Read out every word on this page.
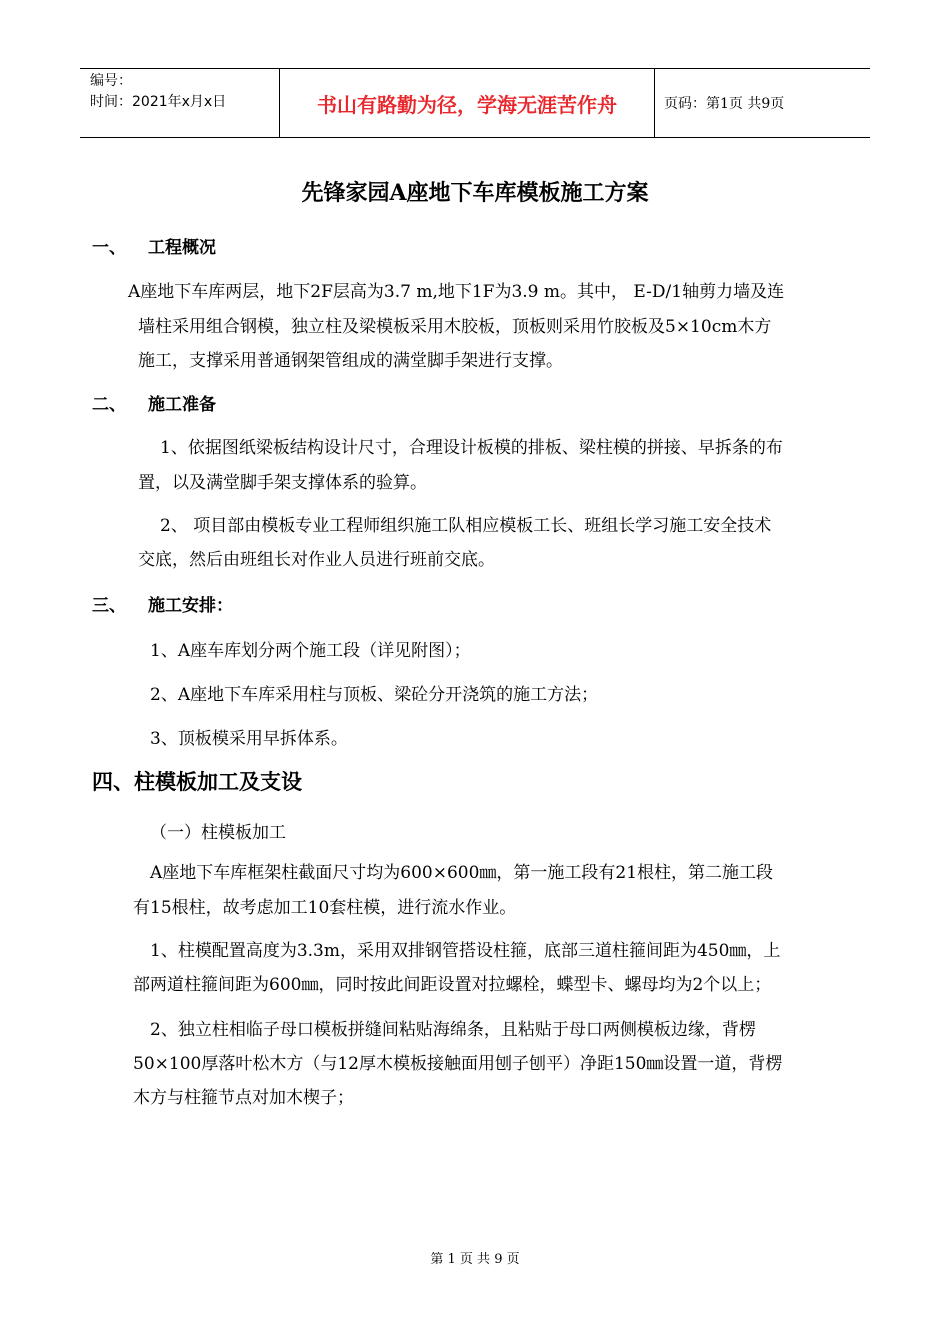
编号：
时间：2021年x月x日	书山有路勤为径，学海无涯苦作舟	页码：第1页 共9页
先锋家园A座地下车库模板施工方案
一、 工程概况
A座地下车库两层，地下2F层高为3.7 m,地下1F为3.9 m。其中， E-D/1轴剪力墙及连
墙柱采用组合钢模，独立柱及梁模板采用木胶板，顶板则采用竹胶板及5×10cm木方
施工，支撑采用普通钢架管组成的满堂脚手架进行支撑。
二、 施工准备
1、依据图纸梁板结构设计尺寸，合理设计板模的排板、梁柱模的拼接、早拆条的布
置，以及满堂脚手架支撑体系的验算。
2、 项目部由模板专业工程师组织施工队相应模板工长、班组长学习施工安全技术
交底，然后由班组长对作业人员进行班前交底。
三、 施工安排：
1、A座车库划分两个施工段（详见附图）；
2、A座地下车库采用柱与顶板、梁砼分开浇筑的施工方法；
3、顶板模采用早拆体系。
四、柱模板加工及支设
（一）柱模板加工
A座地下车库框架柱截面尺寸均为600×600㎜，第一施工段有21根柱，第二施工段
有15根柱，故考虑加工10套柱模，进行流水作业。
1、柱模配置高度为3.3m，采用双排钢管搭设柱箍，底部三道柱箍间距为450㎜，上
部两道柱箍间距为600㎜，同时按此间距设置对拉螺栓，蝶型卡、螺母均为2个以上；
2、独立柱相临子母口模板拼缝间粘贴海绵条，且粘贴于母口两侧模板边缘，背楞
50×100厚落叶松木方（与12厚木模板接触面用刨子刨平）净距150㎜设置一道，背楞
木方与柱箍节点对加木楔子；
第 1 页 共 9 页
